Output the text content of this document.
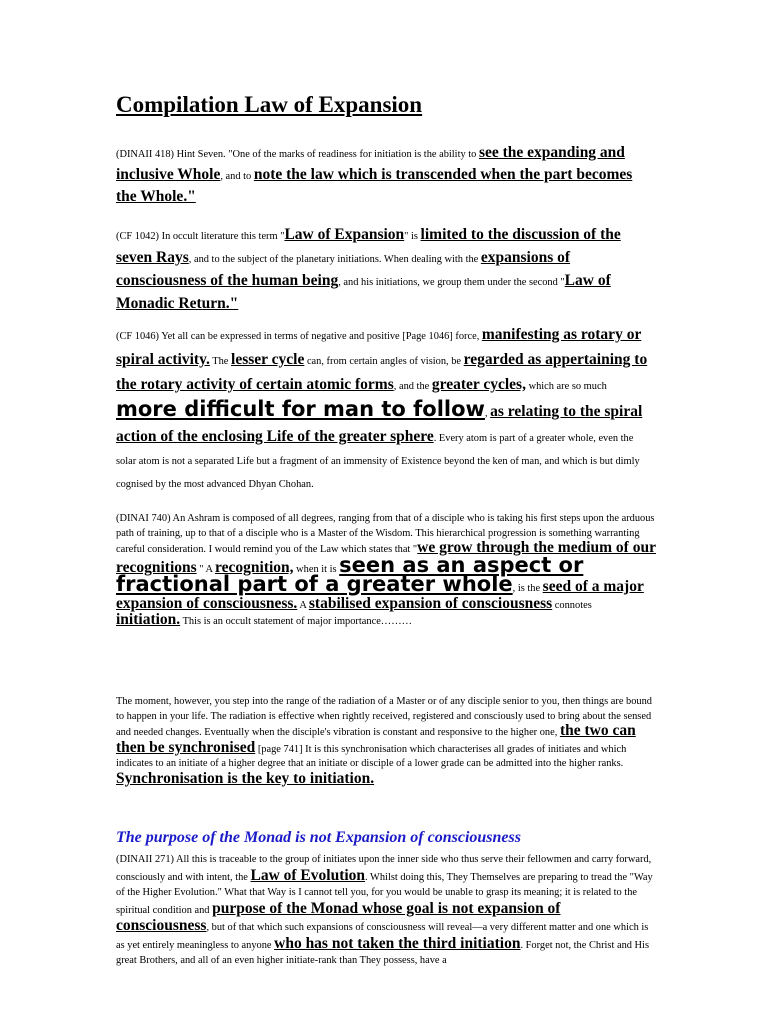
Compilation Law of Expansion

(DINAII 418) Hint Seven. "One of the marks of readiness for initiation is the ability to see the expanding and inclusive Whole, and to note the law which is transcended when the part becomes the Whole."

(CF 1042) In occult literature this term "Law of Expansion" is limited to the discussion of the seven Rays, and to the subject of the planetary initiations. When dealing with the expansions of consciousness of the human being, and his initiations, we group them under the second "Law of Monadic Return."

(CF 1046) Yet all can be expressed in terms of negative and positive [Page 1046] force, manifesting as rotary or spiral activity. The lesser cycle can, from certain angles of vision, be regarded as appertaining to the rotary activity of certain atomic forms, and the greater cycles, which are so much more difficult for man to follow, as relating to the spiral action of the enclosing Life of the greater sphere. Every atom is part of a greater whole, even the solar atom is not a separated Life but a fragment of an immensity of Existence beyond the ken of man, and which is but dimly cognised by the most advanced Dhyan Chohan.

(DINAI 740) An Ashram is composed of all degrees, ranging from that of a disciple who is taking his first steps upon the arduous path of training, up to that of a disciple who is a Master of the Wisdom. This hierarchical progression is something warranting careful consideration. I would remind you of the Law which states that "we grow through the medium of our recognitions " A recognition, when it is seen as an aspect or fractional part of a greater whole, is the seed of a major expansion of consciousness. A stabilised expansion of consciousness connotes initiation. This is an occult statement of major importance………

The moment, however, you step into the range of the radiation of a Master or of any disciple senior to you, then things are bound to happen in your life. The radiation is effective when rightly received, registered and consciously used to bring about the sensed and needed changes. Eventually when the disciple's vibration is constant and responsive to the higher one, the two can then be synchronised [page 741] It is this synchronisation which characterises all grades of initiates and which indicates to an initiate of a higher degree that an initiate or disciple of a lower grade can be admitted into the higher ranks. Synchronisation is the key to initiation.

The purpose of the Monad is not Expansion of consciousness

(DINAII 271) All this is traceable to the group of initiates upon the inner side who thus serve their fellowmen and carry forward, consciously and with intent, the Law of Evolution. Whilst doing this, They Themselves are preparing to tread the "Way of the Higher Evolution." What that Way is I cannot tell you, for you would be unable to grasp its meaning; it is related to the spiritual condition and purpose of the Monad whose goal is not expansion of consciousness, but of that which such expansions of consciousness will reveal—a very different matter and one which is as yet entirely meaningless to anyone who has not taken the third initiation. Forget not, the Christ and His great Brothers, and all of an even higher initiate-rank than They possess, have a
